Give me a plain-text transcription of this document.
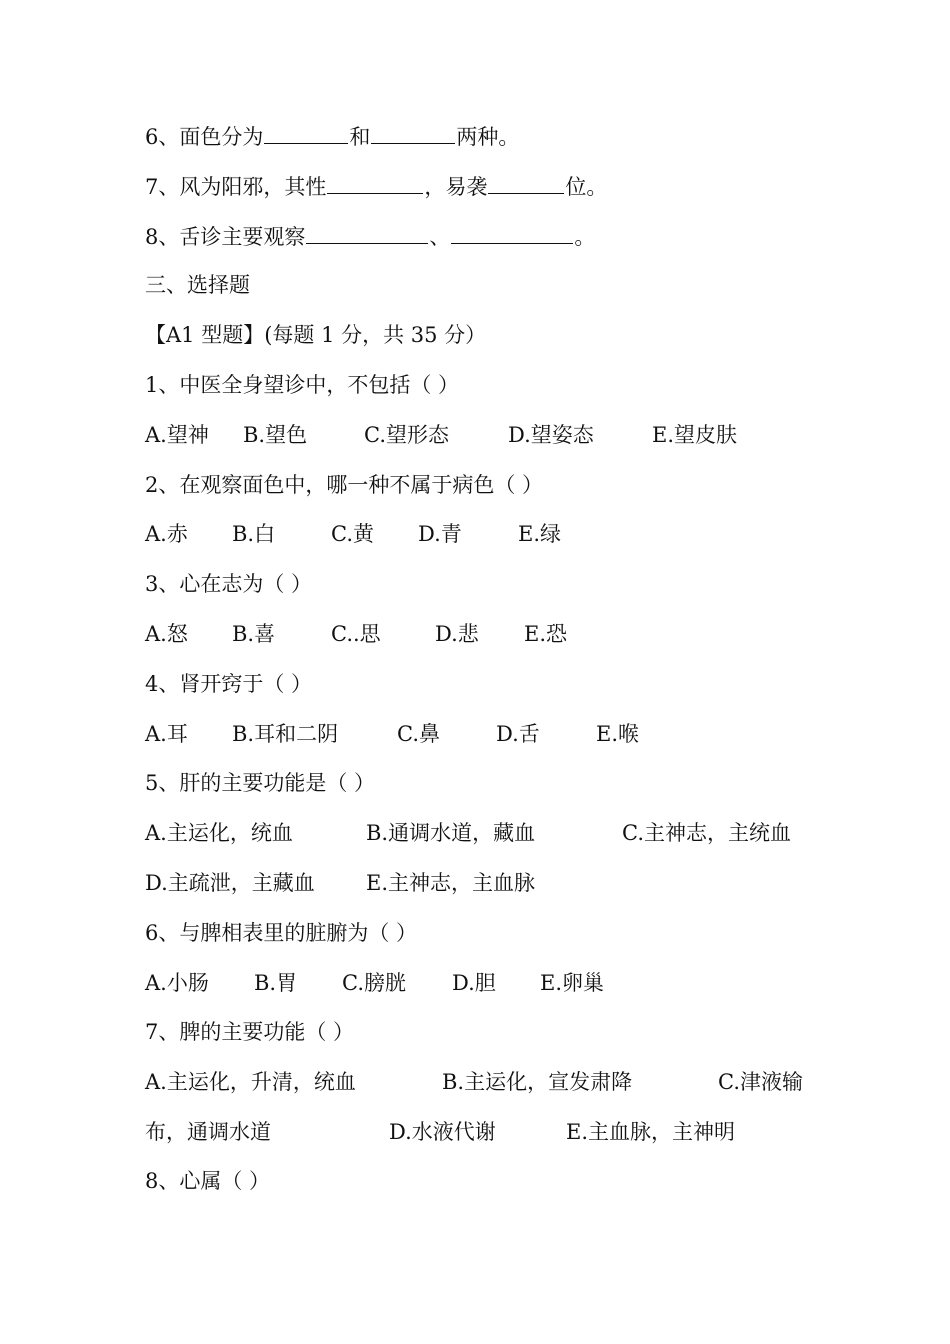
6、面色分为	和	两种。
7、风为阳邪，其性	，易袭	位。
8、舌诊主要观察	、	。
三、选择题
【A1 型题】(每题 1 分，共 35 分）
1、中医全身望诊中，不包括（ ）
A.望神 B.望色	C.望形态	D.望姿态	E.望皮肤
2、在观察面色中，哪一种不属于病色（ ）
A.赤 B.白	C.黄 D.青	E.绿
3、心在志为（ ）
A.怒 B.喜	C..思	D.悲 E.恐
4、肾开窍于（ ）
A.耳 B.耳和二阴	C.鼻	D.舌	E.喉
5、肝的主要功能是（ ）
A.主运化，统血	B.通调水道，藏血	C.主神志，主统血
D.主疏泄，主藏血 E.主神志，主血脉
6、与脾相表里的脏腑为（ ）
A.小肠 B.胃 C.膀胱 D.胆 E.卵巢
7、脾的主要功能（ ）
A.主运化，升清，统血	B.主运化，宣发肃降	C.津液输
布，通调水道	D.水液代谢	E.主血脉，主神明
8、心属（ ）
